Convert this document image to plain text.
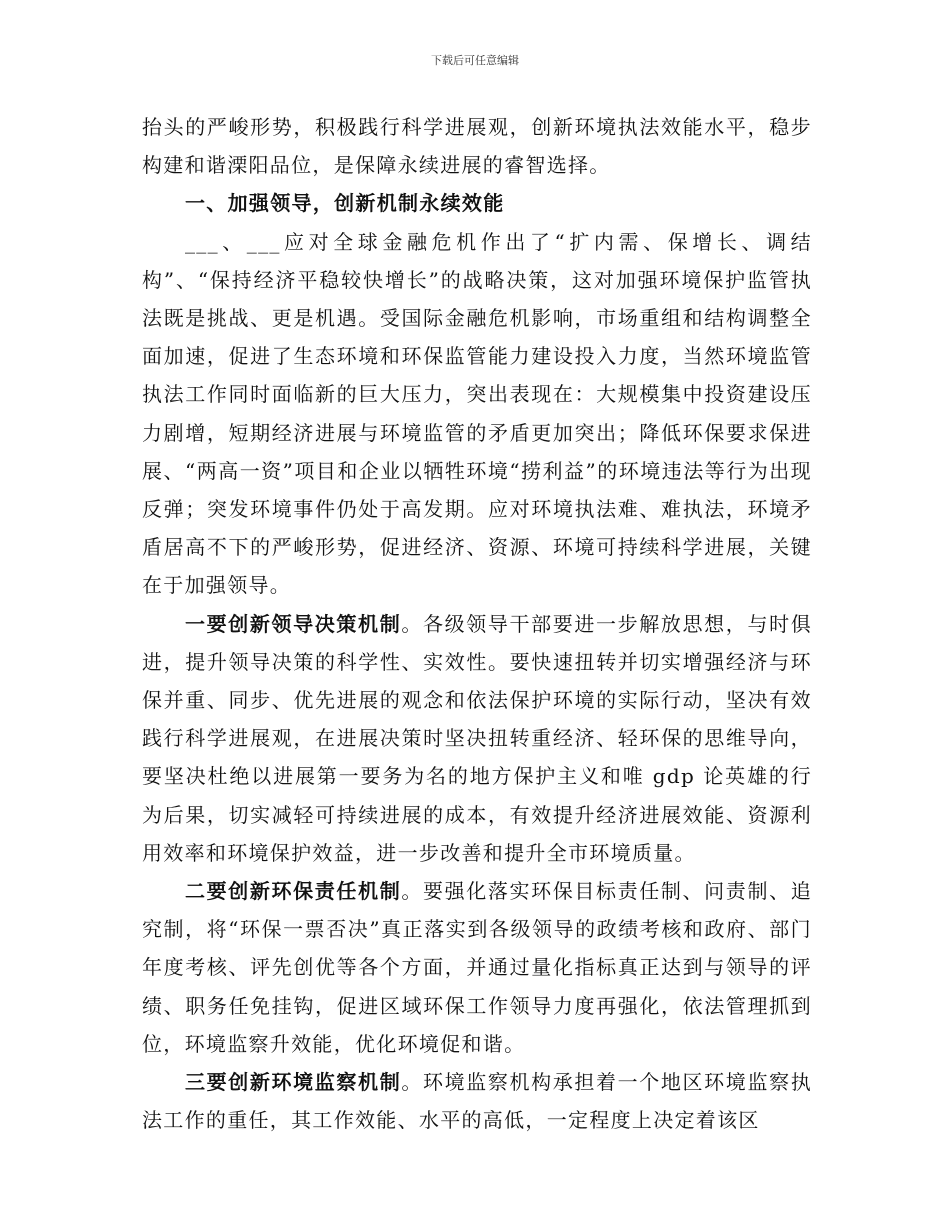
下载后可任意编辑

抬头的严峻形势，积极践行科学进展观，创新环境执法效能水平，稳步构建和谐溧阳品位，是保障永续进展的睿智选择。

一、加强领导，创新机制永续效能

___、___应对全球金融危机作出了“扩内需、保增长、调结构”、“保持经济平稳较快增长”的战略决策，这对加强环境保护监管执法既是挑战、更是机遇。受国际金融危机影响，市场重组和结构调整全面加速，促进了生态环境和环保监管能力建设投入力度，当然环境监管执法工作同时面临新的巨大压力，突出表现在：大规模集中投资建设压力剧增，短期经济进展与环境监管的矛盾更加突出；降低环保要求保进展、“两高一资”项目和企业以牺牲环境“捞利益”的环境违法等行为出现反弹；突发环境事件仍处于高发期。应对环境执法难、难执法，环境矛盾居高不下的严峻形势，促进经济、资源、环境可持续科学进展，关键在于加强领导。

一要创新领导决策机制。各级领导干部要进一步解放思想，与时俱进，提升领导决策的科学性、实效性。要快速扭转并切实增强经济与环保并重、同步、优先进展的观念和依法保护环境的实际行动，坚决有效践行科学进展观，在进展决策时坚决扭转重经济、轻环保的思维导向，要坚决杜绝以进展第一要务为名的地方保护主义和唯 gdp 论英雄的行为后果，切实减轻可持续进展的成本，有效提升经济进展效能、资源利用效率和环境保护效益，进一步改善和提升全市环境质量。

二要创新环保责任机制。要强化落实环保目标责任制、问责制、追究制，将“环保一票否决”真正落实到各级领导的政绩考核和政府、部门年度考核、评先创优等各个方面，并通过量化指标真正达到与领导的评绩、职务任免挂钩，促进区域环保工作领导力度再强化，依法管理抓到位，环境监察升效能，优化环境促和谐。

三要创新环境监察机制。环境监察机构承担着一个地区环境监察执法工作的重任，其工作效能、水平的高低，一定程度上决定着该区
